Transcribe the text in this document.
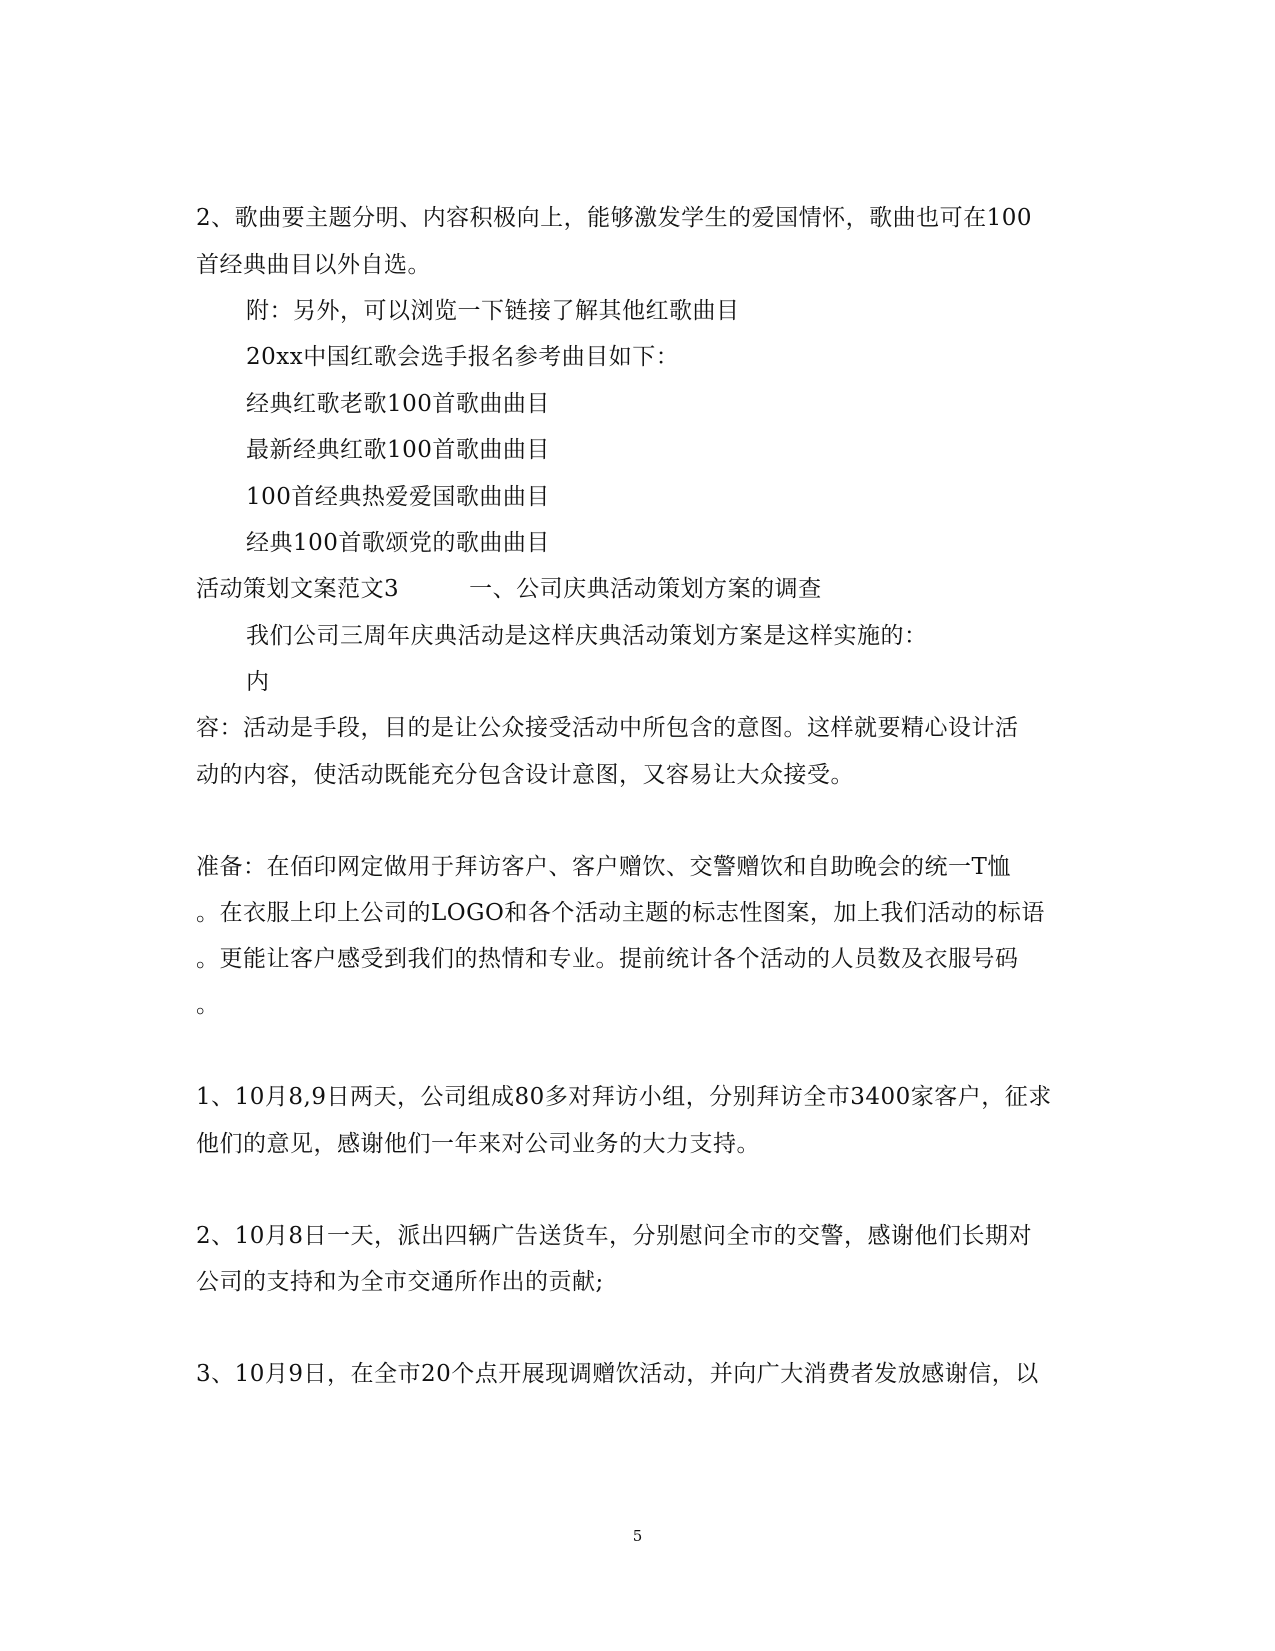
2、歌曲要主题分明、内容积极向上，能够激发学生的爱国情怀，歌曲也可在100
首经典曲目以外自选。
附：另外，可以浏览一下链接了解其他红歌曲目
20xx中国红歌会选手报名参考曲目如下：
经典红歌老歌100首歌曲曲目
最新经典红歌100首歌曲曲目
100首经典热爱爱国歌曲曲目
经典100首歌颂党的歌曲曲目
活动策划文案范文3	一、公司庆典活动策划方案的调查
我们公司三周年庆典活动是这样庆典活动策划方案是这样实施的：
内
容：活动是手段，目的是让公众接受活动中所包含的意图。这样就要精心设计活
动的内容，使活动既能充分包含设计意图，又容易让大众接受。
准备：在佰印网定做用于拜访客户、客户赠饮、交警赠饮和自助晚会的统一T恤
。在衣服上印上公司的LOGO和各个活动主题的标志性图案，加上我们活动的标语
。更能让客户感受到我们的热情和专业。提前统计各个活动的人员数及衣服号码
。
1、10月8,9日两天，公司组成80多对拜访小组，分别拜访全市3400家客户，征求
他们的意见，感谢他们一年来对公司业务的大力支持。
2、10月8日一天，派出四辆广告送货车，分别慰问全市的交警，感谢他们长期对
公司的支持和为全市交通所作出的贡献;
3、10月9日，在全市20个点开展现调赠饮活动，并向广大消费者发放感谢信，以
5
